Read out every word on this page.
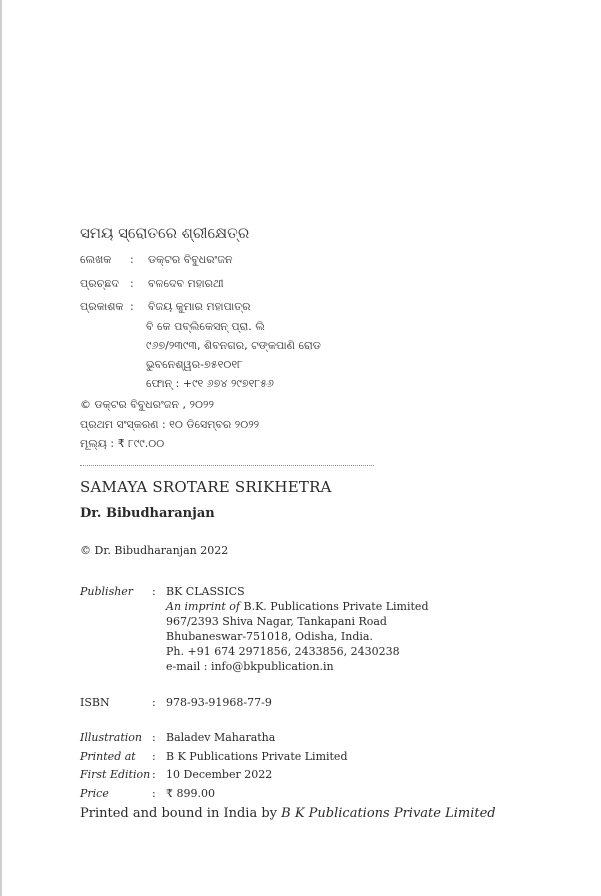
ସମୟ ସ୍ରୋତରେ ଶ୍ରୀକ୍ଷେତ୍ର
ଲେଖକ : ଡକ୍ଟର ବିବୁଧରଂଜନ
ପ୍ରଚ୍ଛଦ : ବଳଦେବ ମହାରଥୀ
ପ୍ରକାଶକ : ବିଜୟ କୁମାର ମହାପାତ୍ର
ବି କେ ପବ୍ଲିକେସନ୍ ପ୍ରା. ଲି
୯୬୭/୨୩୯୩, ଶିବନଗର, ଟଙ୍କପାଣି ରୋଡ
ଭୁବନେଶ୍ୱର-୭୫୧୦୧୮
ଫୋନ୍ : +୯୧ ୬୭୪ ୨୯୭୧୮୫୬
© ଡକ୍ଟର ବିବୁଧରଂଜନ , ୨୦୨୨
ପ୍ରଥମ ସଂସ୍କରଣ : ୧୦ ଡିସେମ୍ବର ୨୦୨୨
ମୂଲ୍ୟ : ₹ ୮୯୯.୦୦
SAMAYA SROTARE SRIKHETRA
Dr. Bibudharanjan
© Dr. Bibudharanjan 2022
Publisher : BK CLASSICS
An imprint of B.K. Publications Private Limited
967/2393 Shiva Nagar, Tankapani Road
Bhubaneswar-751018, Odisha, India.
Ph. +91 674 2971856, 2433856, 2430238
e-mail : info@bkpublication.in
ISBN	: 978-93-91968-77-9
Illustration : Baladev Maharatha
Printed at : B K Publications Private Limited
First Edition : 10 December 2022
Price	: ₹ 899.00
Printed and bound in India by B K Publications Private Limited
